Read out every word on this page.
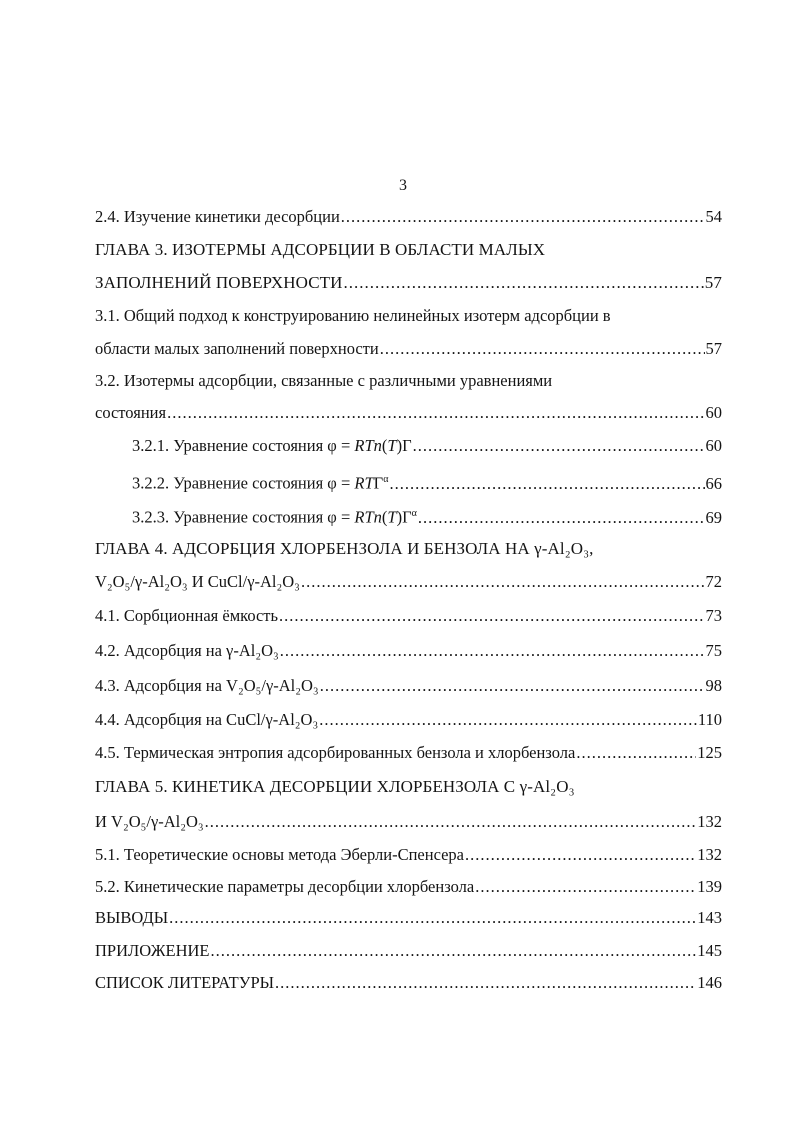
3
2.4. Изучение кинетики десорбции .....	54
ГЛАВА 3. ИЗОТЕРМЫ АДСОРБЦИИ В ОБЛАСТИ МАЛЫХ
ЗАПОЛНЕНИЙ ПОВЕРХНОСТИ .....	57
3.1. Общий подход к конструированию нелинейных изотерм адсорбции в
области малых заполнений поверхности .....	57
3.2. Изотермы адсорбции, связанные с различными уравнениями
состояния .....	60
3.2.1. Уравнение состояния φ = RTn(T)Г .....	60
3.2.2. Уравнение состояния $\varphi = RTГ^\alpha$ .....	66
3.2.3. Уравнение состояния $\varphi = RTn(T)Г^\alpha$ .....	69
ГЛАВА 4. АДСОРБЦИЯ ХЛОРБЕНЗОЛА И БЕНЗОЛА НА γ-Al₂O₃,
V₂O₅/γ-Al₂O₃ И CuCl/γ-Al₂O₃ .....	72
4.1. Сорбционная ёмкость .....	73
4.2. Адсорбция на γ-Al₂O₃ .....	75
4.3. Адсорбция на V₂O₅/γ-Al₂O₃ .....	98
4.4. Адсорбция на CuCl/γ-Al₂O₃ .....	110
4.5. Термическая энтропия адсорбированных бензола и хлорбензола .....	125
ГЛАВА 5. КИНЕТИКА ДЕСОРБЦИИ ХЛОРБЕНЗОЛА С γ-Al₂O₃
И V₂O₅/γ-Al₂O₃ .....	132
5.1. Теоретические основы метода Эберли-Спенсера .....	132
5.2. Кинетические параметры десорбции хлорбензола .....	139
ВЫВОДЫ .....	143
ПРИЛОЖЕНИЕ .....	145
СПИСОК ЛИТЕРАТУРЫ .....	146
